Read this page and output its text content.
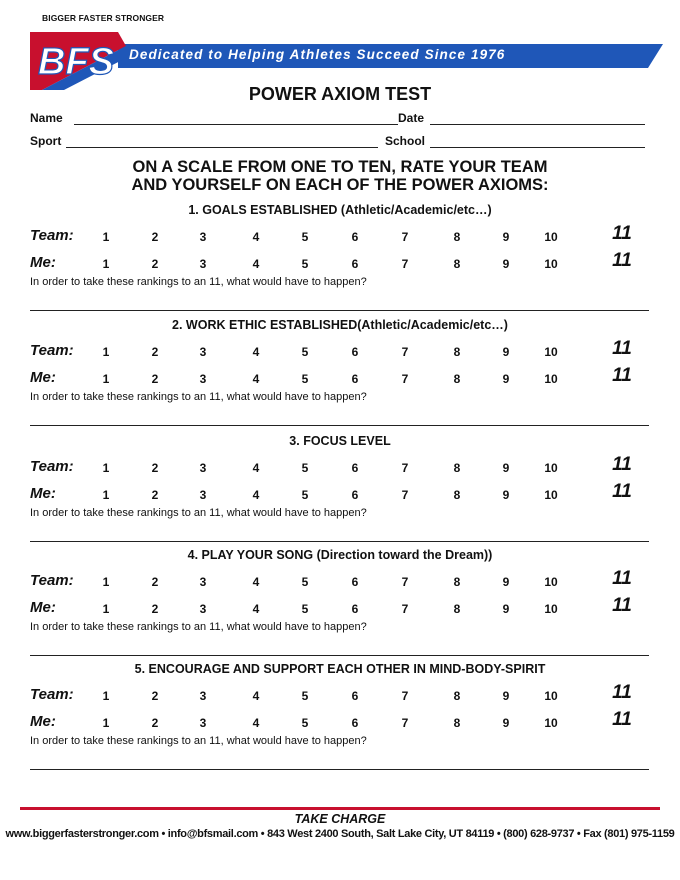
BIGGER FASTER STRONGER
Dedicated to Helping Athletes Succeed Since 1976
BFS
POWER AXIOM TEST
Name	Date
Sport	School
ON A SCALE FROM ONE TO TEN, RATE YOUR TEAM
AND YOURSELF ON EACH OF THE POWER AXIOMS:
1. GOALS ESTABLISHED (Athletic/Academic/etc…)
Team:	1	2	3	4	5	6	7	8	9	10	11
Me:	1	2	3	4	5	6	7	8	9	10	11
In order to take these rankings to an 11, what would have to happen?
2. WORK ETHIC ESTABLISHED(Athletic/Academic/etc…)
Team:	1	2	3	4	5	6	7	8	9	10	11
Me:	1	2	3	4	5	6	7	8	9	10	11
In order to take these rankings to an 11, what would have to happen?
3. FOCUS LEVEL
Team:	1	2	3	4	5	6	7	8	9	10	11
Me:	1	2	3	4	5	6	7	8	9	10	11
In order to take these rankings to an 11, what would have to happen?
4. PLAY YOUR SONG (Direction toward the Dream))
Team:	1	2	3	4	5	6	7	8	9	10	11
Me:	1	2	3	4	5	6	7	8	9	10	11
In order to take these rankings to an 11, what would have to happen?
5. ENCOURAGE AND SUPPORT EACH OTHER IN MIND-BODY-SPIRIT
Team:	1	2	3	4	5	6	7	8	9	10	11
Me:	1	2	3	4	5	6	7	8	9	10	11
In order to take these rankings to an 11, what would have to happen?
TAKE CHARGE
www.biggerfasterstronger.com • info@bfsmail.com • 843 West 2400 South, Salt Lake City, UT 84119 • (800) 628-9737 • Fax (801) 975-1159
